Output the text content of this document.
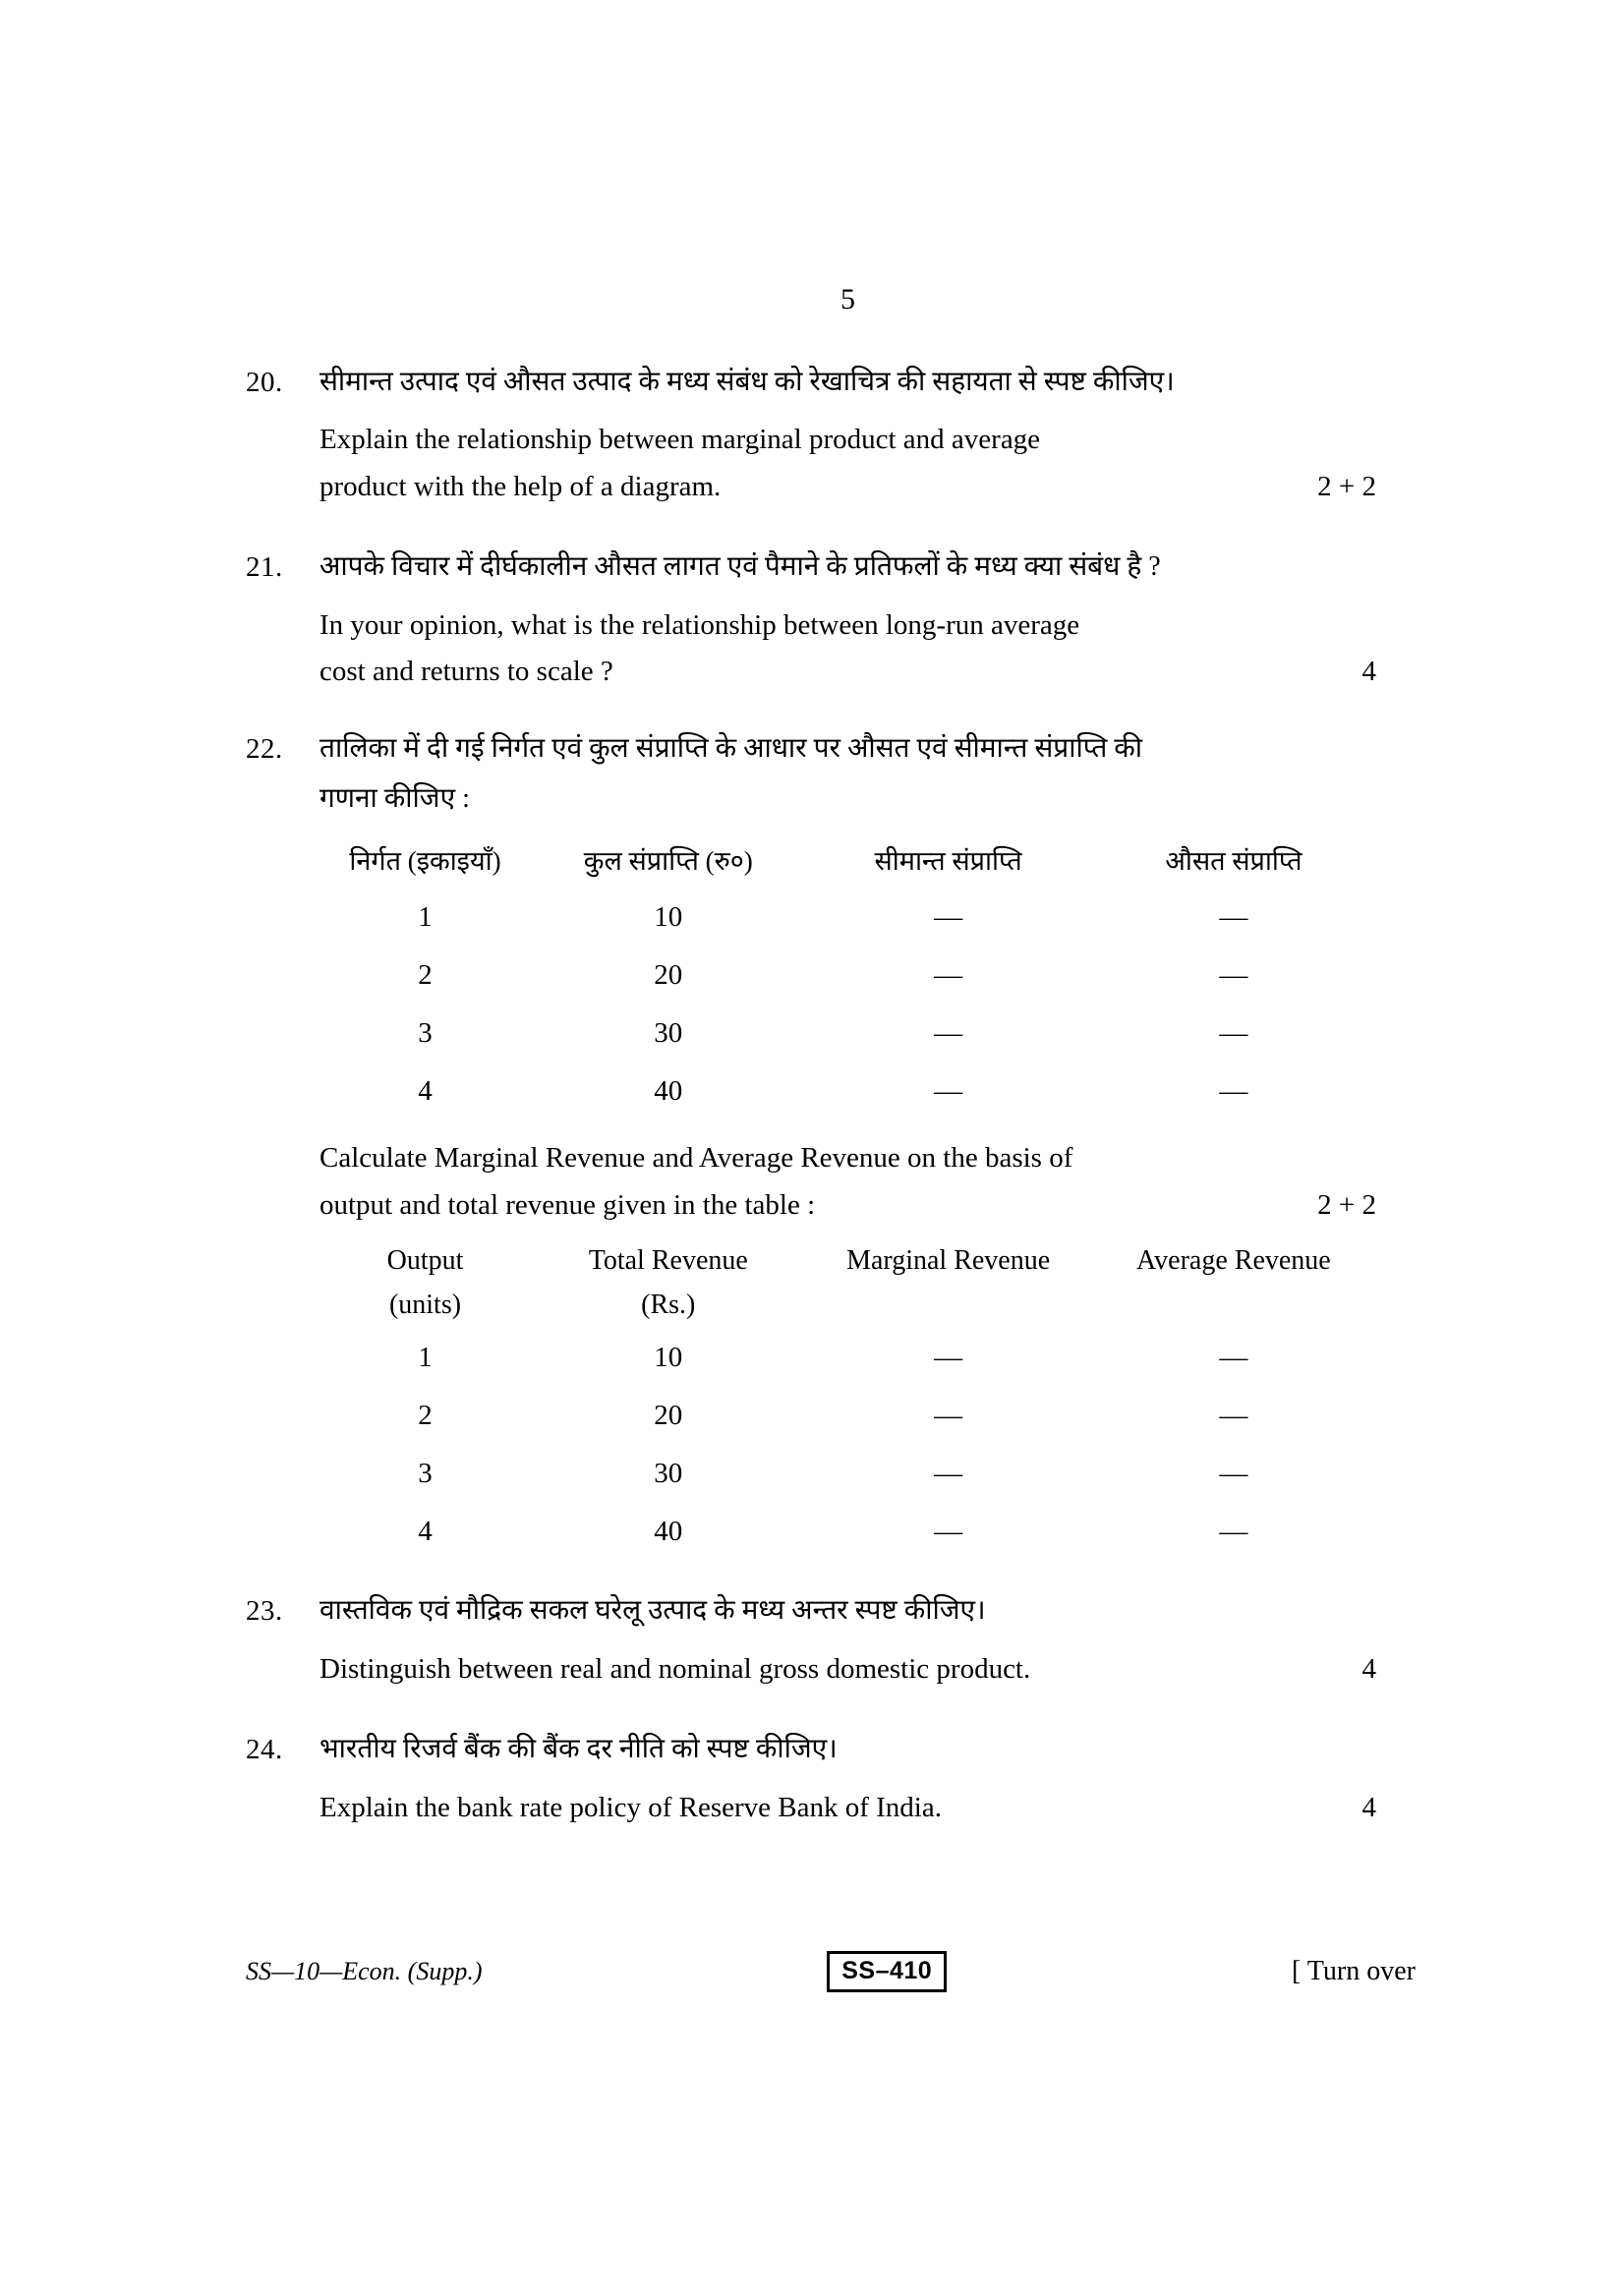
5
20.	सीमान्त उत्पाद एवं औसत उत्पाद के मध्य संबंध को रेखाचित्र की सहायता से स्पष्ट कीजिए।

Explain the relationship between marginal product and average
product with the help of a diagram.	2 + 2
21.	आपके विचार में दीर्घकालीन औसत लागत एवं पैमाने के प्रतिफलों के मध्य क्या संबंध है ?

In your opinion, what is the relationship between long-run average
cost and returns to scale ?	4
22.	तालिका में दी गई निर्गत एवं कुल संप्राप्ति के आधार पर औसत एवं सीमान्त संप्राप्ति की

गणना कीजिए :

निर्गत (इकाइयाँ)	कुल संप्राप्ति (रु०)	सीमान्त संप्राप्ति	औसत संप्राप्ति
1	10	—	—
2	20	—	—
3	30	—	—
4	40	—	—
Calculate Marginal Revenue and Average Revenue on the basis of
output and total revenue given in the table :	2 + 2
Output	Total Revenue	Marginal Revenue	Average Revenue
(units)	(Rs.)		
1	10	—	—
2	20	—	—
3	30	—	—
4	40	—	—
23.	वास्तविक एवं मौद्रिक सकल घरेलू उत्पाद के मध्य अन्तर स्पष्ट कीजिए।

Distinguish between real and nominal gross domestic product.	4
24.	भारतीय रिजर्व बैंक की बैंक दर नीति को स्पष्ट कीजिए।

Explain the bank rate policy of Reserve Bank of India.	4
SS—10—Econ. (Supp.)	SS–410	[ Turn over
